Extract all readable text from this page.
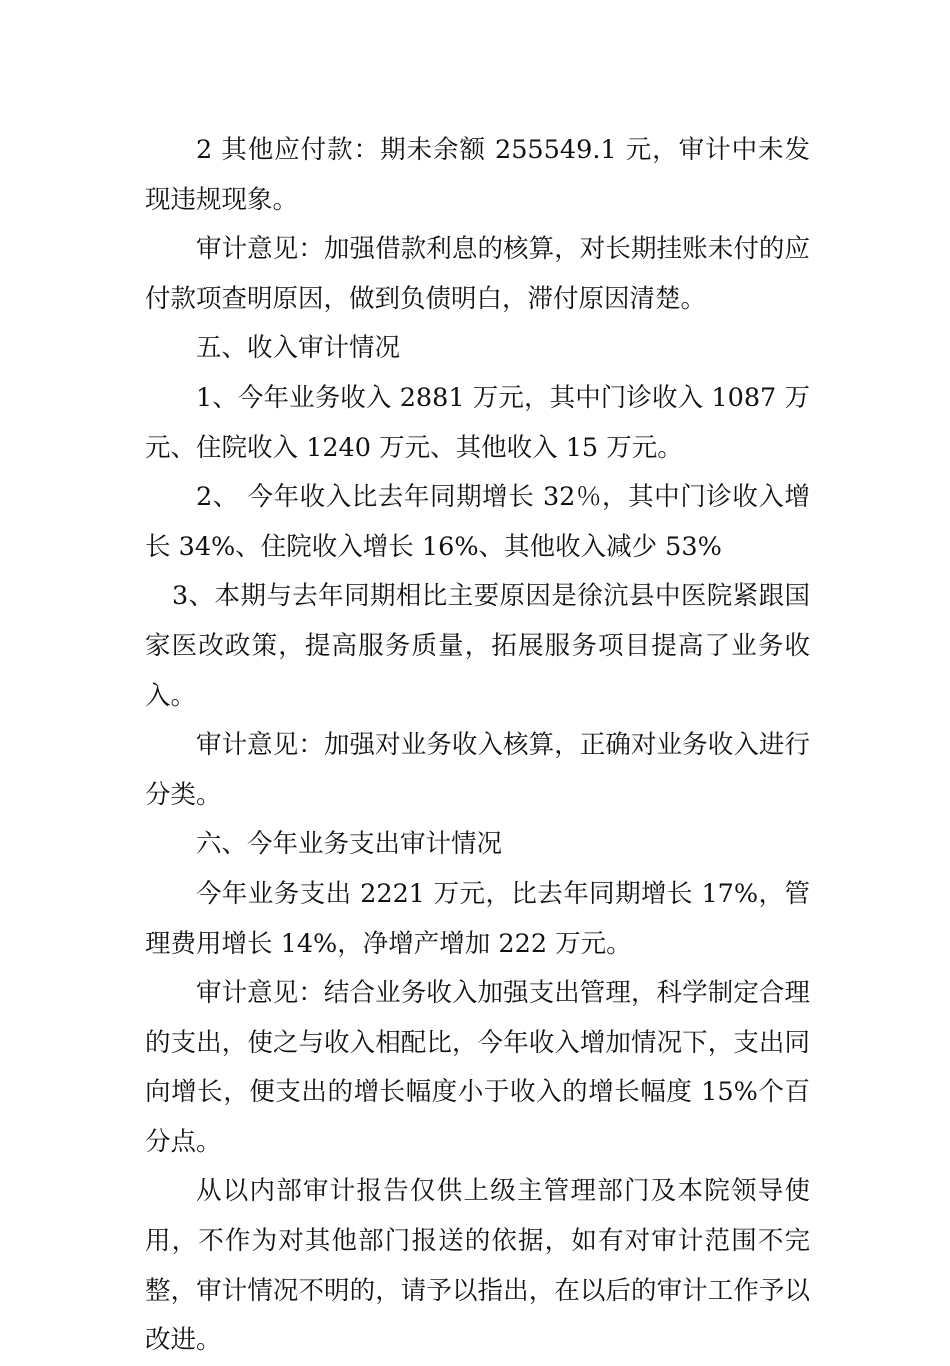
2 其他应付款：期未余额 255549.1 元，审计中未发现违规现象。

审计意见：加强借款利息的核算，对长期挂账未付的应付款项查明原因，做到负债明白，滞付原因清楚。

五、收入审计情况

1、今年业务收入 2881 万元，其中门诊收入 1087 万元、住院收入 1240 万元、其他收入 15 万元。

2、 今年收入比去年同期增长 32％，其中门诊收入增长 34%、住院收入增长 16%、其他收入减少 53%

3、本期与去年同期相比主要原因是徐沆县中医院紧跟国家医改政策，提高服务质量，拓展服务项目提高了业务收入。

审计意见：加强对业务收入核算，正确对业务收入进行分类。

六、今年业务支出审计情况

今年业务支出 2221 万元，比去年同期增长 17%，管理费用增长 14%，净增产增加 222 万元。

审计意见：结合业务收入加强支出管理，科学制定合理的支出，使之与收入相配比，今年收入增加情况下，支出同向增长，便支出的增长幅度小于收入的增长幅度 15%个百分点。

从以内部审计报告仅供上级主管理部门及本院领导使用，不作为对其他部门报送的依据，如有对审计范围不完整，审计情况不明的，请予以指出，在以后的审计工作予以改进。
